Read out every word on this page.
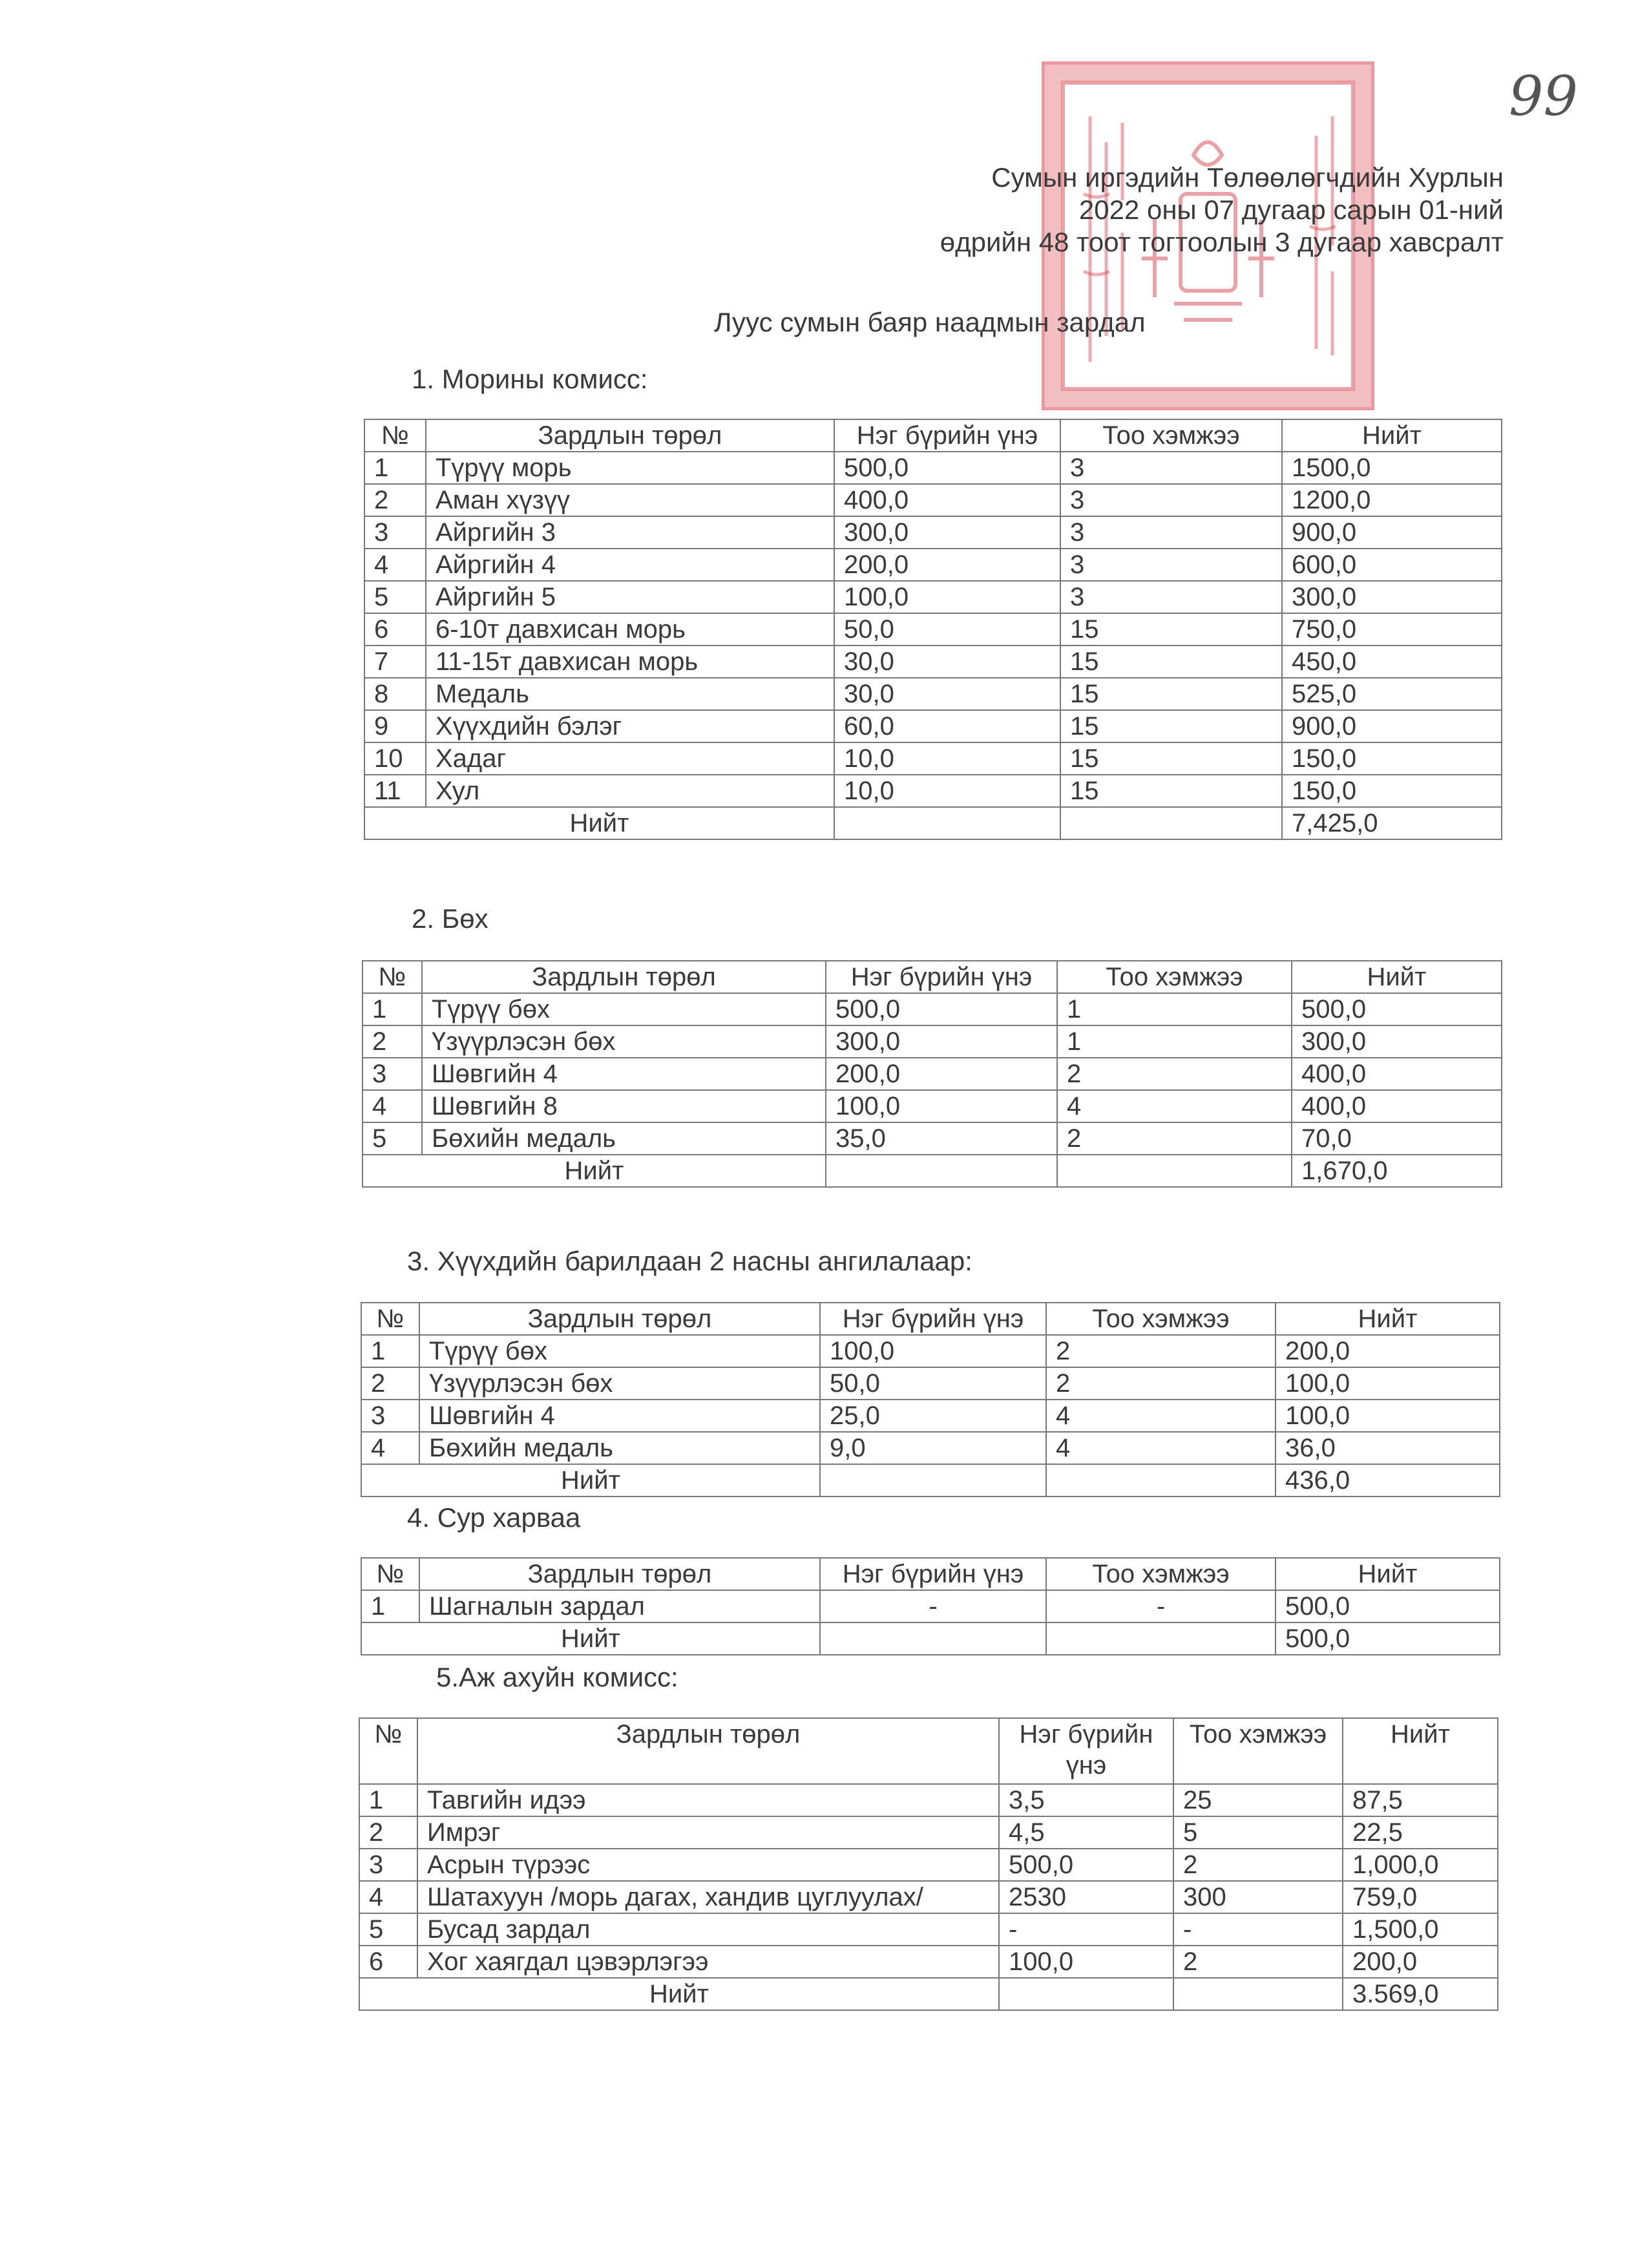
99
Сумын иргэдийн Төлөөлөгчдийн Хурлын
2022 оны 07 дугаар сарын 01-ний
өдрийн 48 тоот тогтоолын 3 дугаар хавсралт
Луус сумын баяр наадмын зардал
1. Морины комисс:
№	Зардлын төрөл	Нэг бүрийн үнэ	Тоо хэмжээ	Нийт
1	Түрүү морь	500,0	3	1500,0
2	Аман хүзүү	400,0	3	1200,0
3	Айргийн 3	300,0	3	900,0
4	Айргийн 4	200,0	3	600,0
5	Айргийн 5	100,0	3	300,0
6	6-10т давхисан морь	50,0	15	750,0
7	11-15т давхисан морь	30,0	15	450,0
8	Медаль	30,0	15	525,0
9	Хүүхдийн бэлэг	60,0	15	900,0
10	Хадаг	10,0	15	150,0
11	Хул	10,0	15	150,0
Нийт				7,425,0
2. Бөх
№	Зардлын төрөл	Нэг бүрийн үнэ	Тоо хэмжээ	Нийт
1	Түрүү бөх	500,0	1	500,0
2	Үзүүрлэсэн бөх	300,0	1	300,0
3	Шөвгийн 4	200,0	2	400,0
4	Шөвгийн 8	100,0	4	400,0
5	Бөхийн медаль	35,0	2	70,0
Нийт				1,670,0
3. Хүүхдийн барилдаан 2 насны ангилалаар:
№	Зардлын төрөл	Нэг бүрийн үнэ	Тоо хэмжээ	Нийт
1	Түрүү бөх	100,0	2	200,0
2	Үзүүрлэсэн бөх	50,0	2	100,0
3	Шөвгийн 4	25,0	4	100,0
4	Бөхийн медаль	9,0	4	36,0
Нийт				436,0
4. Сур харваа
№	Зардлын төрөл	Нэг бүрийн үнэ	Тоо хэмжээ	Нийт
1	Шагналын зардал	-	-	500,0
Нийт				500,0
5.Аж ахуйн комисс:
№	Зардлын төрөл	Нэг бүрийн үнэ	Тоо хэмжээ	Нийт
1	Тавгийн идээ	3,5	25	87,5
2	Имрэг	4,5	5	22,5
3	Асрын түрээс	500,0	2	1,000,0
4	Шатахуун /морь дагах, хандив цуглуулах/	2530	300	759,0
5	Бусад зардал	-	-	1,500,0
6	Хог хаягдал цэвэрлэгээ	100,0	2	200,0
Нийт				3.569,0
